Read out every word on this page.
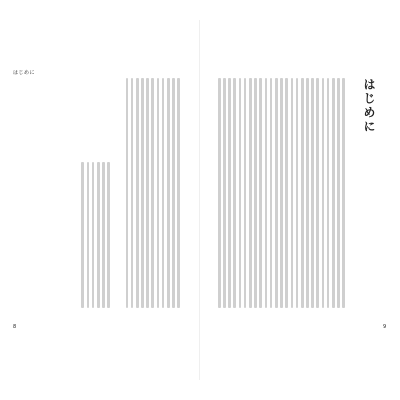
はじめに
はじめに
8	9
